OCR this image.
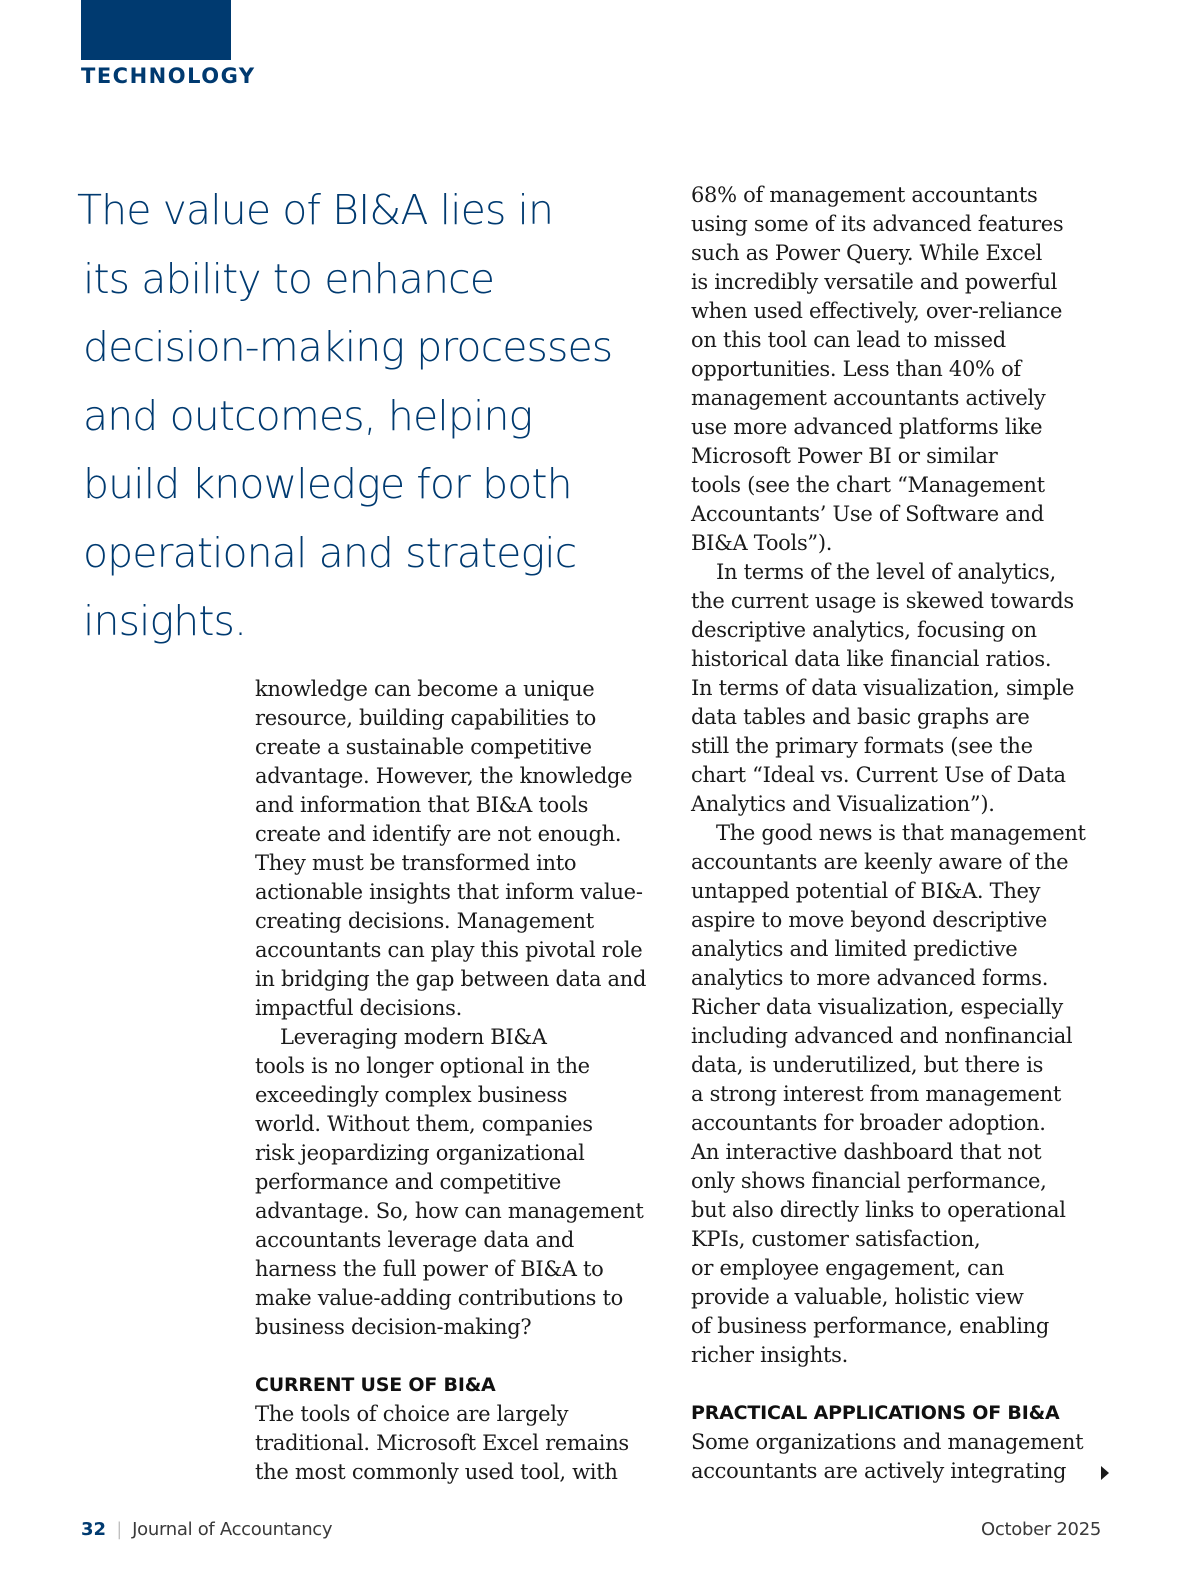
TECHNOLOGY
The value of BI&A lies in
its ability to enhance
decision-making processes
and outcomes, helping
build knowledge for both
operational and strategic
insights.
knowledge can become a unique
resource, building capabilities to
create a sustainable competitive
advantage. However, the knowledge
and information that BI&A tools
create and identify are not enough.
They must be transformed into
actionable insights that inform value-
creating decisions. Management
accountants can play this pivotal role
in bridging the gap between data and
impactful decisions.
Leveraging modern BI&A
tools is no longer optional in the
exceedingly complex business
world. Without them, companies
risk jeopardizing organizational
performance and competitive
advantage. So, how can management
accountants leverage data and
harness the full power of BI&A to
make value-adding contributions to
business decision-making?
CURRENT USE OF BI&A
The tools of choice are largely
traditional. Microsoft Excel remains
the most commonly used tool, with
68% of management accountants
using some of its advanced features
such as Power Query. While Excel
is incredibly versatile and powerful
when used effectively, over-reliance
on this tool can lead to missed
opportunities. Less than 40% of
management accountants actively
use more advanced platforms like
Microsoft Power BI or similar
tools (see the chart “Management
Accountants’ Use of Software and
BI&A Tools”).
In terms of the level of analytics,
the current usage is skewed towards
descriptive analytics, focusing on
historical data like financial ratios.
In terms of data visualization, simple
data tables and basic graphs are
still the primary formats (see the
chart “Ideal vs. Current Use of Data
Analytics and Visualization”).
The good news is that management
accountants are keenly aware of the
untapped potential of BI&A. They
aspire to move beyond descriptive
analytics and limited predictive
analytics to more advanced forms.
Richer data visualization, especially
including advanced and nonfinancial
data, is underutilized, but there is
a strong interest from management
accountants for broader adoption.
An interactive dashboard that not
only shows financial performance,
but also directly links to operational
KPIs, customer satisfaction,
or employee engagement, can
provide a valuable, holistic view
of business performance, enabling
richer insights.
PRACTICAL APPLICATIONS OF BI&A
Some organizations and management
accountants are actively integrating
32 | Journal of Accountancy	October 2025
